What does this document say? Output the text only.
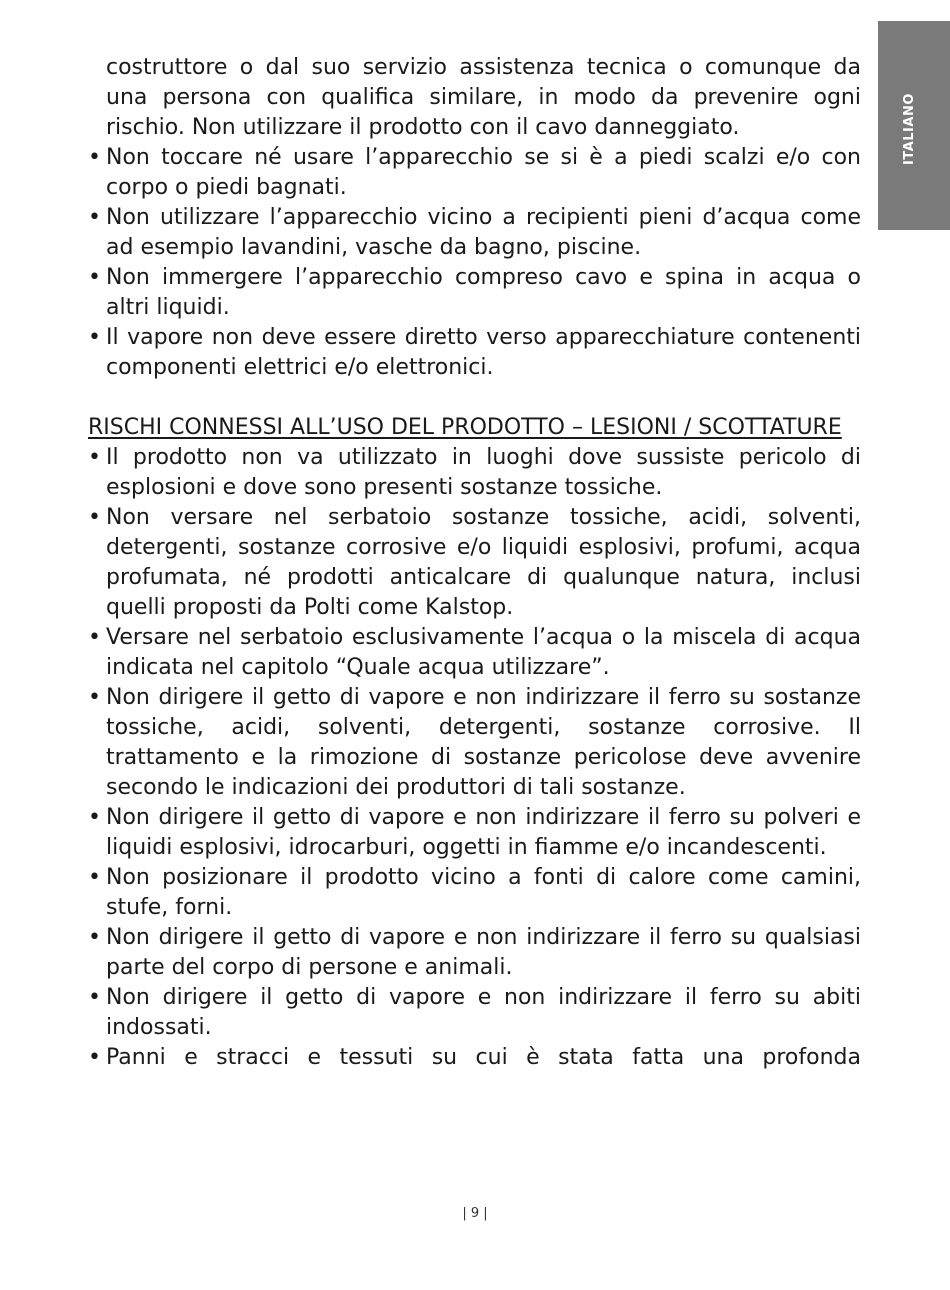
ITALIANO
costruttore o dal suo servizio assistenza tecnica o comunque da una persona con qualifica similare, in modo da prevenire ogni rischio. Non utilizzare il prodotto con il cavo danneggiato.
• Non toccare né usare l’apparecchio se si è a piedi scalzi e/o con corpo o piedi bagnati.
• Non utilizzare l’apparecchio vicino a recipienti pieni d’acqua come ad esempio lavandini, vasche da bagno, piscine.
• Non immergere l’apparecchio compreso cavo e spina in acqua o altri liquidi.
• Il vapore non deve essere diretto verso apparecchiature contenenti componenti elettrici e/o elettronici.
RISCHI CONNESSI ALL’USO DEL PRODOTTO – LESIONI / SCOTTATURE
• Il prodotto non va utilizzato in luoghi dove sussiste pericolo di esplosioni e dove sono presenti sostanze tossiche.
• Non versare nel serbatoio sostanze tossiche, acidi, solventi, detergenti, sostanze corrosive e/o liquidi esplosivi, profumi, acqua profumata, né prodotti anticalcare di qualunque natura, inclusi quelli proposti da Polti come Kalstop.
• Versare nel serbatoio esclusivamente l’acqua o la miscela di acqua indicata nel capitolo “Quale acqua utilizzare”.
• Non dirigere il getto di vapore e non indirizzare il ferro su sostanze tossiche, acidi, solventi, detergenti, sostanze corrosive. Il trattamento e la rimozione di sostanze pericolose deve avvenire secondo le indicazioni dei produttori di tali sostanze.
• Non dirigere il getto di vapore e non indirizzare il ferro su polveri e liquidi esplosivi, idrocarburi, oggetti in fiamme e/o incandescenti.
• Non posizionare il prodotto vicino a fonti di calore come camini, stufe, forni.
• Non dirigere il getto di vapore e non indirizzare il ferro su qualsiasi parte del corpo di persone e animali.
• Non dirigere il getto di vapore e non indirizzare il ferro su abiti indossati.
• Panni e stracci e tessuti su cui è stata fatta una profonda
| 9 |
